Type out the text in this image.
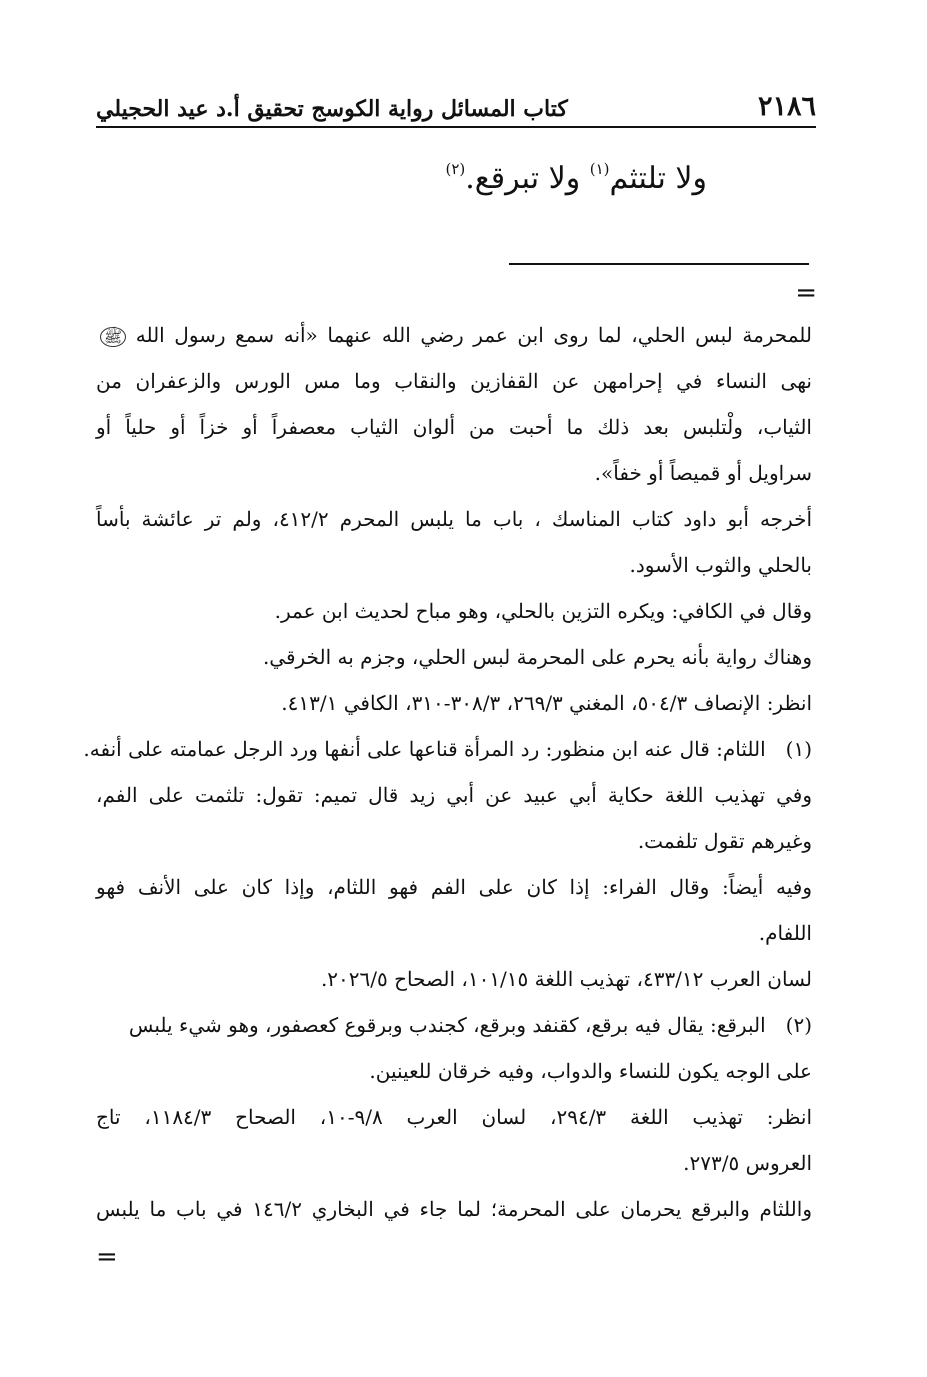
٢١٨٦
كتاب المسائل رواية الكوسج تحقيق أ.د عيد الحجيلي
ولا تلتثم$^{(١)}$ ولا تبرقع.$^{(٢)}$
=
للمحرمة لبس الحلي، لما روى ابن عمر رضي الله عنهما «أنه سمع رسول الله ﷺ
نهى النساء في إحرامهن عن القفازين والنقاب وما مس الورس والزعفران من
الثياب، ولْتلبس بعد ذلك ما أحبت من ألوان الثياب معصفراً أو خزاً أو حلياً أو
سراويل أو قميصاً أو خفاً».
أخرجه أبو داود كتاب المناسك ، باب ما يلبس المحرم ٤١٢/٢، ولم تر عائشة بأساً
بالحلي والثوب الأسود.
وقال في الكافي: ويكره التزين بالحلي، وهو مباح لحديث ابن عمر.
وهناك رواية بأنه يحرم على المحرمة لبس الحلي، وجزم به الخرقي.
انظر: الإنصاف ٥٠٤/٣، المغني ٢٦٩/٣، ٣٠٨/٣-٣١٠، الكافي ٤١٣/١.
(١) اللثام: قال عنه ابن منظور: رد المرأة قناعها على أنفها ورد الرجل عمامته على أنفه.
وفي تهذيب اللغة حكاية أبي عبيد عن أبي زيد قال تميم: تقول: تلثمت على الفم،
وغيرهم تقول تلفمت.
وفيه أيضاً: وقال الفراء: إذا كان على الفم فهو اللثام، وإذا كان على الأنف فهو
اللفام.
لسان العرب ٤٣٣/١٢، تهذيب اللغة ١٠١/١٥، الصحاح ٢٠٢٦/٥.
(٢) البرقع: يقال فيه برقع، كقنفد وبرقع، كجندب وبرقوع كعصفور، وهو شيء يلبس
على الوجه يكون للنساء والدواب، وفيه خرقان للعينين.
انظر: تهذيب اللغة ٢٩٤/٣، لسان العرب ٩/٨-١٠، الصحاح ١١٨٤/٣، تاج
العروس ٢٧٣/٥.
واللثام والبرقع يحرمان على المحرمة؛ لما جاء في البخاري ١٤٦/٢ في باب ما يلبس
=
